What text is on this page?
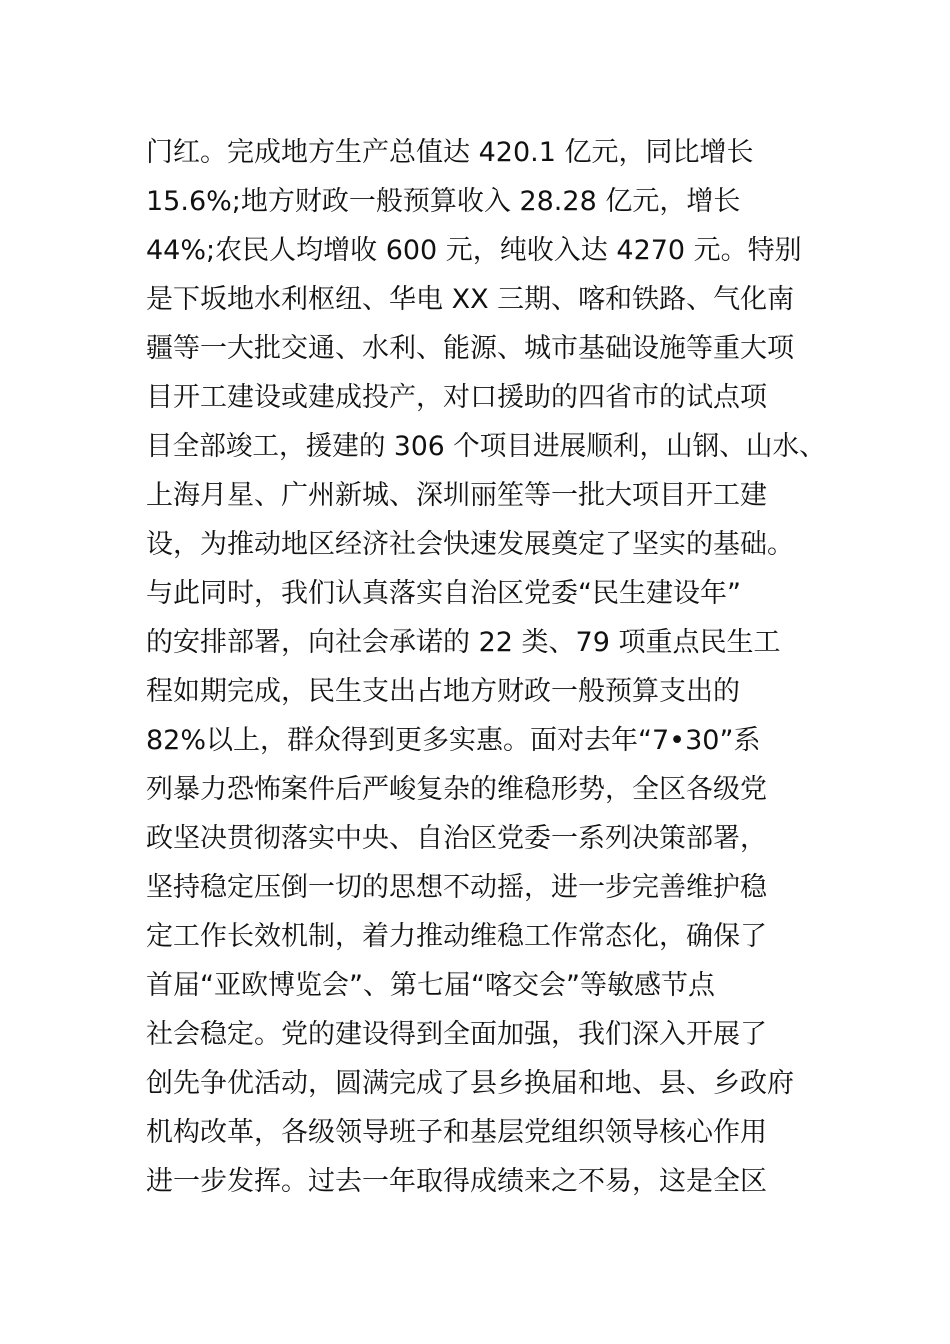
门红。完成地方生产总值达 420.1 亿元，同比增长
15.6%;地方财政一般预算收入 28.28 亿元，增长
44%;农民人均增收 600 元，纯收入达 4270 元。特别
是下坂地水利枢纽、华电 XX 三期、喀和铁路、气化南
疆等一大批交通、水利、能源、城市基础设施等重大项
目开工建设或建成投产，对口援助的四省市的试点项
目全部竣工，援建的 306 个项目进展顺利，山钢、山水、
上海月星、广州新城、深圳丽笙等一批大项目开工建
设，为推动地区经济社会快速发展奠定了坚实的基础。
与此同时，我们认真落实自治区党委“民生建设年”
的安排部署，向社会承诺的 22 类、79 项重点民生工
程如期完成，民生支出占地方财政一般预算支出的
82%以上，群众得到更多实惠。面对去年“7•30”系
列暴力恐怖案件后严峻复杂的维稳形势，全区各级党
政坚决贯彻落实中央、自治区党委一系列决策部署，
坚持稳定压倒一切的思想不动摇，进一步完善维护稳
定工作长效机制，着力推动维稳工作常态化，确保了
首届“亚欧博览会”、第七届“喀交会”等敏感节点
社会稳定。党的建设得到全面加强，我们深入开展了
创先争优活动，圆满完成了县乡换届和地、县、乡政府
机构改革，各级领导班子和基层党组织领导核心作用
进一步发挥。过去一年取得成绩来之不易，这是全区
